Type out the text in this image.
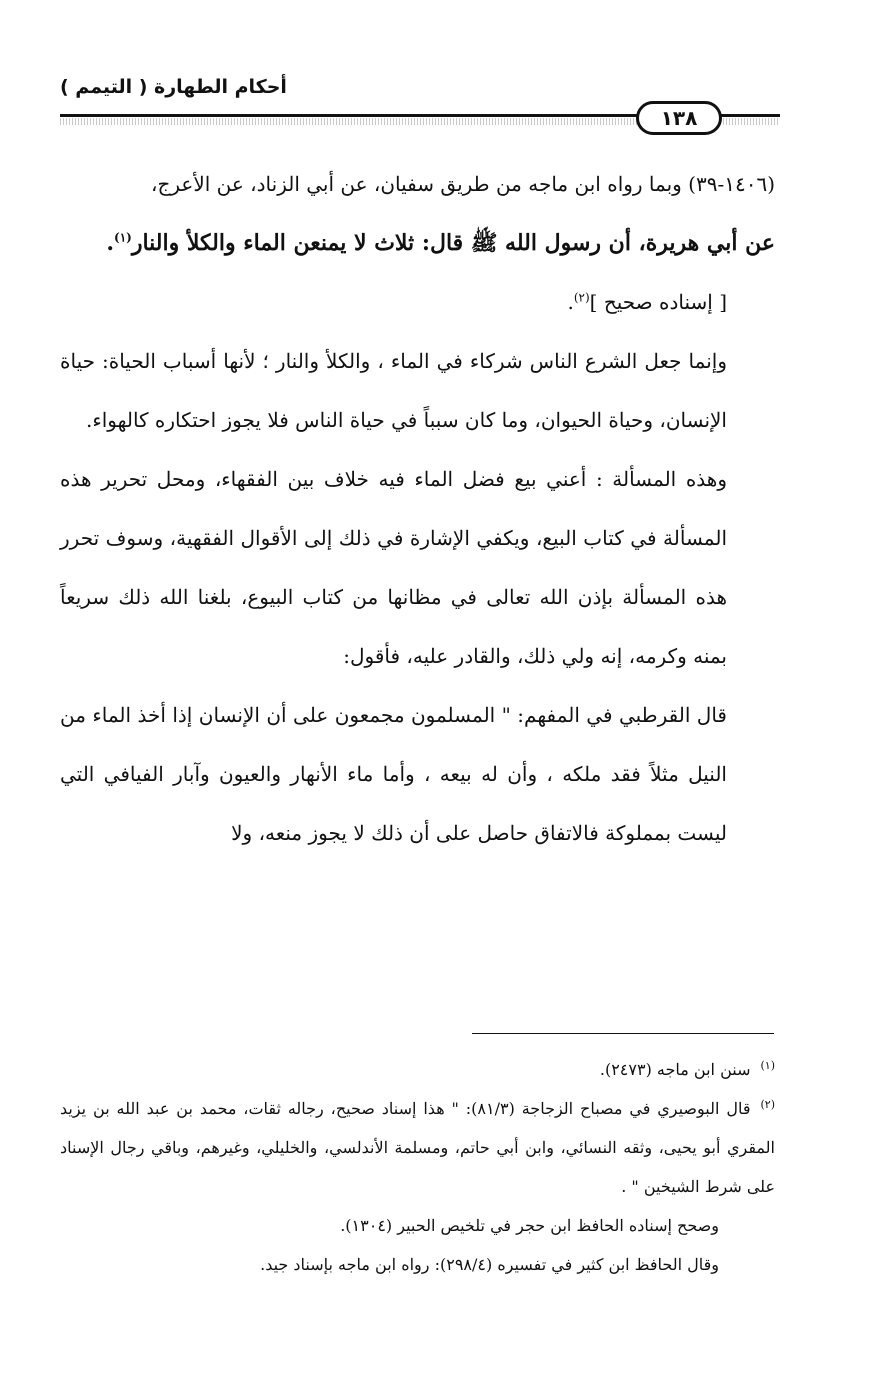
أحكام الطهارة ( التيمم )
١٣٨

(١٤٠٦-٣٩) وبما رواه ابن ماجه من طريق سفيان، عن أبي الزناد، عن الأعرج،

عن أبي هريرة، أن رسول الله ﷺ قال: ثلاث لا يمنعن الماء والكلأ والنار$^{(١)}$.

[ إسناده صحيح ]$^{(٢)}$.

وإنما جعل الشرع الناس شركاء في الماء ، والكلأ والنار ؛ لأنها أسباب الحياة: حياة الإنسان، وحياة الحيوان، وما كان سبباً في حياة الناس فلا يجوز احتكاره كالهواء.

وهذه المسألة : أعني بيع فضل الماء فيه خلاف بين الفقهاء، ومحل تحرير هذه المسألة في كتاب البيع، ويكفي الإشارة في ذلك إلى الأقوال الفقهية، وسوف تحرر هذه المسألة بإذن الله تعالى في مظانها من كتاب البيوع، بلغنا الله ذلك سريعاً بمنه وكرمه، إنه ولي ذلك، والقادر عليه، فأقول:

قال القرطبي في المفهم: " المسلمون مجمعون على أن الإنسان إذا أخذ الماء من النيل مثلاً فقد ملكه ، وأن له بيعه ، وأما ماء الأنهار والعيون وآبار الفيافي التي ليست بمملوكة فالاتفاق حاصل على أن ذلك لا يجوز منعه، ولا

$^{(١)}$سنن ابن ماجه (٢٤٧٣).

$^{(٢)}$قال البوصيري في مصباح الزجاجة (٨١/٣): " هذا إسناد صحيح، رجاله ثقات، محمد بن عبد الله بن يزيد المقري أبو يحيى، وثقه النسائي، وابن أبي حاتم، ومسلمة الأندلسي، والخليلي، وغيرهم، وباقي رجال الإسناد على شرط الشيخين " .

وصحح إسناده الحافظ ابن حجر في تلخيص الحبير (١٣٠٤).

وقال الحافظ ابن كثير في تفسيره (٢٩٨/٤): رواه ابن ماجه بإسناد جيد.
